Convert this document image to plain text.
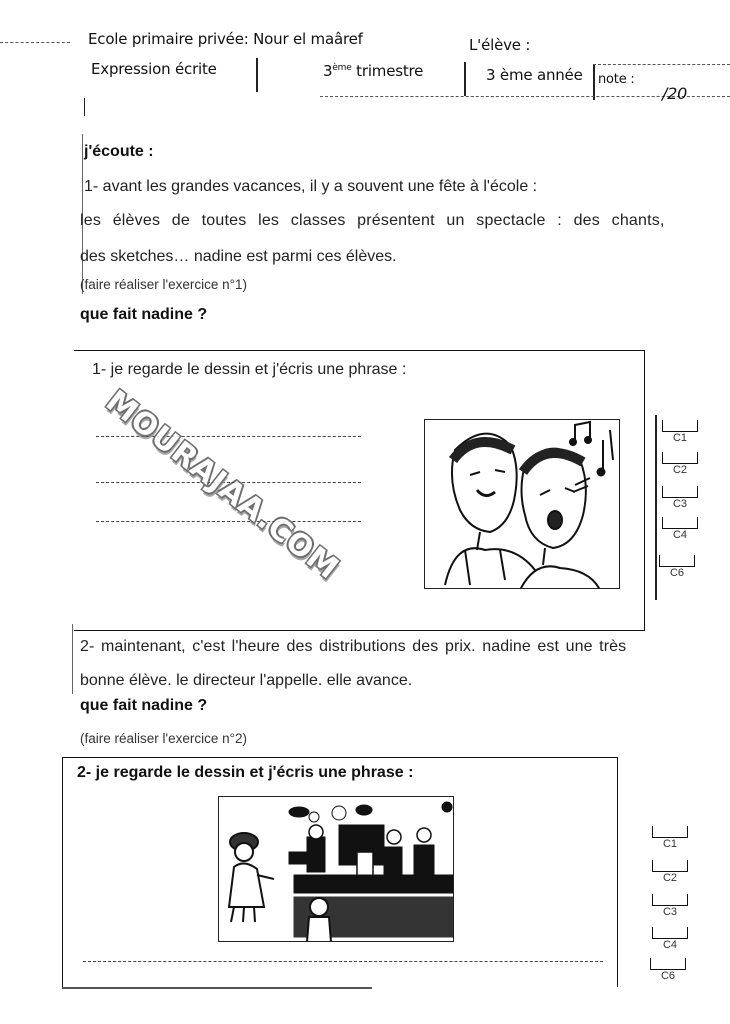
Ecole primaire privée: Nour el maâref	L'élève :
Expression écrite	3ème trimestre	3 ème année note :
/20
j'écoute :
1- avant les grandes vacances, il y a souvent une fête à l'école :
les élèves de toutes les classes présentent un spectacle : des chants,
des sketches… nadine est parmi ces élèves.
(faire réaliser l'exercice n°1)
que fait nadine ?
1- je regarde le dessin et j'écris une phrase :
C1
C2
C3
C4
C6
2- maintenant, c'est l'heure des distributions des prix. nadine est une très
bonne élève. le directeur l'appelle. elle avance.
que fait nadine ?
(faire réaliser l'exercice n°2)
2- je regarde le dessin et j'écris une phrase :
C1
C2
C3
C4
C6
MOURAJAA.COM
